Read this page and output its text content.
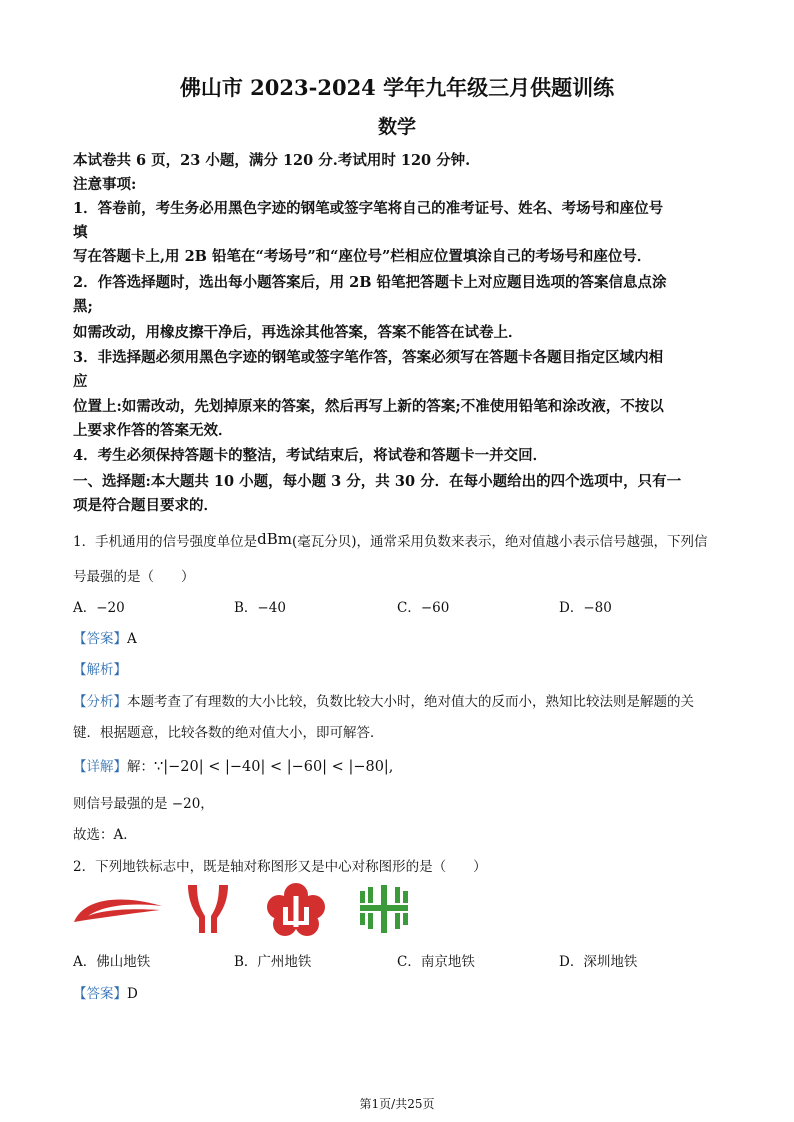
佛山市 2023-2024 学年九年级三月供题训练
数学
本试卷共 6 页，23 小题，满分 120 分.考试用时 120 分钟.
注意事项:
1．答卷前，考生务必用黑色字迹的钢笔或签字笔将自己的准考证号、姓名、考场号和座位号
填
写在答题卡上,用 2B 铅笔在“考场号”和“座位号”栏相应位置填涂自己的考场号和座位号．
2．作答选择题时，选出每小题答案后，用 2B 铅笔把答题卡上对应题目选项的答案信息点涂
黑;
如需改动，用橡皮擦干净后，再选涂其他答案，答案不能答在试卷上．
3．非选择题必须用黑色字迹的钢笔或签字笔作答，答案必须写在答题卡各题目指定区域内相
应
位置上:如需改动，先划掉原来的答案，然后再写上新的答案;不准使用铅笔和涂改液，不按以
上要求作答的答案无效．
4．考生必须保持答题卡的整洁，考试结束后，将试卷和答题卡一并交回．
一、选择题:本大题共 10 小题，每小题 3 分，共 30 分．在每小题给出的四个选项中，只有一
项是符合题目要求的．
1．手机通用的信号强度单位是dBm(毫瓦分贝)，通常采用负数来表示，绝对值越小表示信号越强，下列信
号最强的是（　　）
A．−20	B．−40	C．−60	D．−80
【答案】A
【解析】
【分析】本题考查了有理数的大小比较，负数比较大小时，绝对值大的反而小，熟知比较法则是解题的关
键．根据题意，比较各数的绝对值大小，即可解答．
【详解】解：∵|−20| < |−40| < |−60| < |−80|,
则信号最强的是 −20，
故选：A．
2．下列地铁标志中，既是轴对称图形又是中心对称图形的是（　　）
A．佛山地铁	B．广州地铁	C．南京地铁	D．深圳地铁
【答案】D
第1页/共25页
